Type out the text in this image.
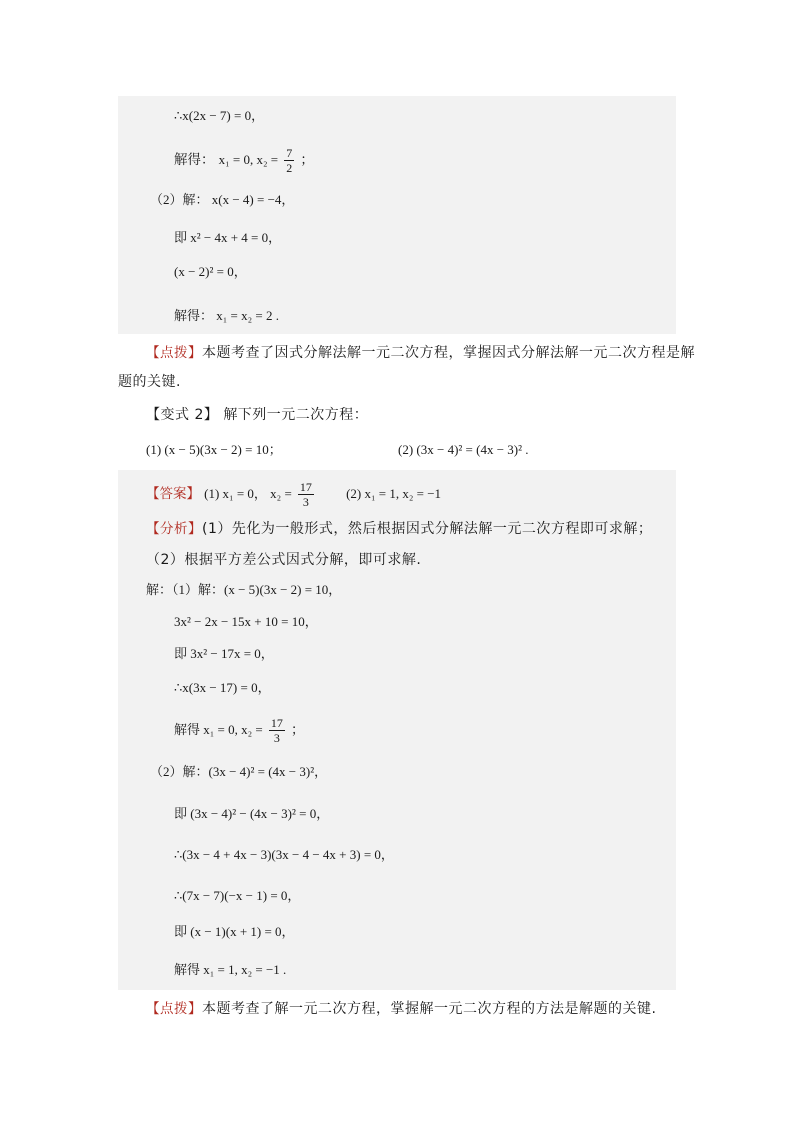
∴x(2x − 7) = 0，
解得： x₁ = 0, $x_2 = \frac{7}{2}$ ；
（2）解： x(x − 4) = −4，
即 x² − 4x + 4 = 0，
(x − 2)² = 0，
解得： x₁ = x₂ = 2 .
【点拨】本题考查了因式分解法解一元二次方程，掌握因式分解法解一元二次方程是解
题的关键.
【变式 2】 解下列一元二次方程：
(1) (x − 5)(3x − 2) = 10；	(2) (3x − 4)² = (4x − 3)² .
【答案】 (1) x₁ = 0， $x_2 = \frac{17}{3} (2) x_1 = 1$, x₂ = −1
【分析】(1）先化为一般形式，然后根据因式分解法解一元二次方程即可求解；
（2）根据平方差公式因式分解，即可求解.
解：（1）解：(x − 5)(3x − 2) = 10，
3x² − 2x − 15x + 10 = 10，
即 3x² − 17x = 0，
∴x(3x − 17) = 0，
解得 x₁ = 0, $x_2 = \frac{17}{3}$ ；
（2）解：(3x − 4)² = (4x − 3)²，
即 (3x − 4)² − (4x − 3)² = 0，
∴(3x − 4 + 4x − 3)(3x − 4 − 4x + 3) = 0，
∴(7x − 7)(−x − 1) = 0，
即 (x − 1)(x + 1) = 0，
解得 x₁ = 1, x₂ = −1 .
【点拨】本题考查了解一元二次方程，掌握解一元二次方程的方法是解题的关键.
